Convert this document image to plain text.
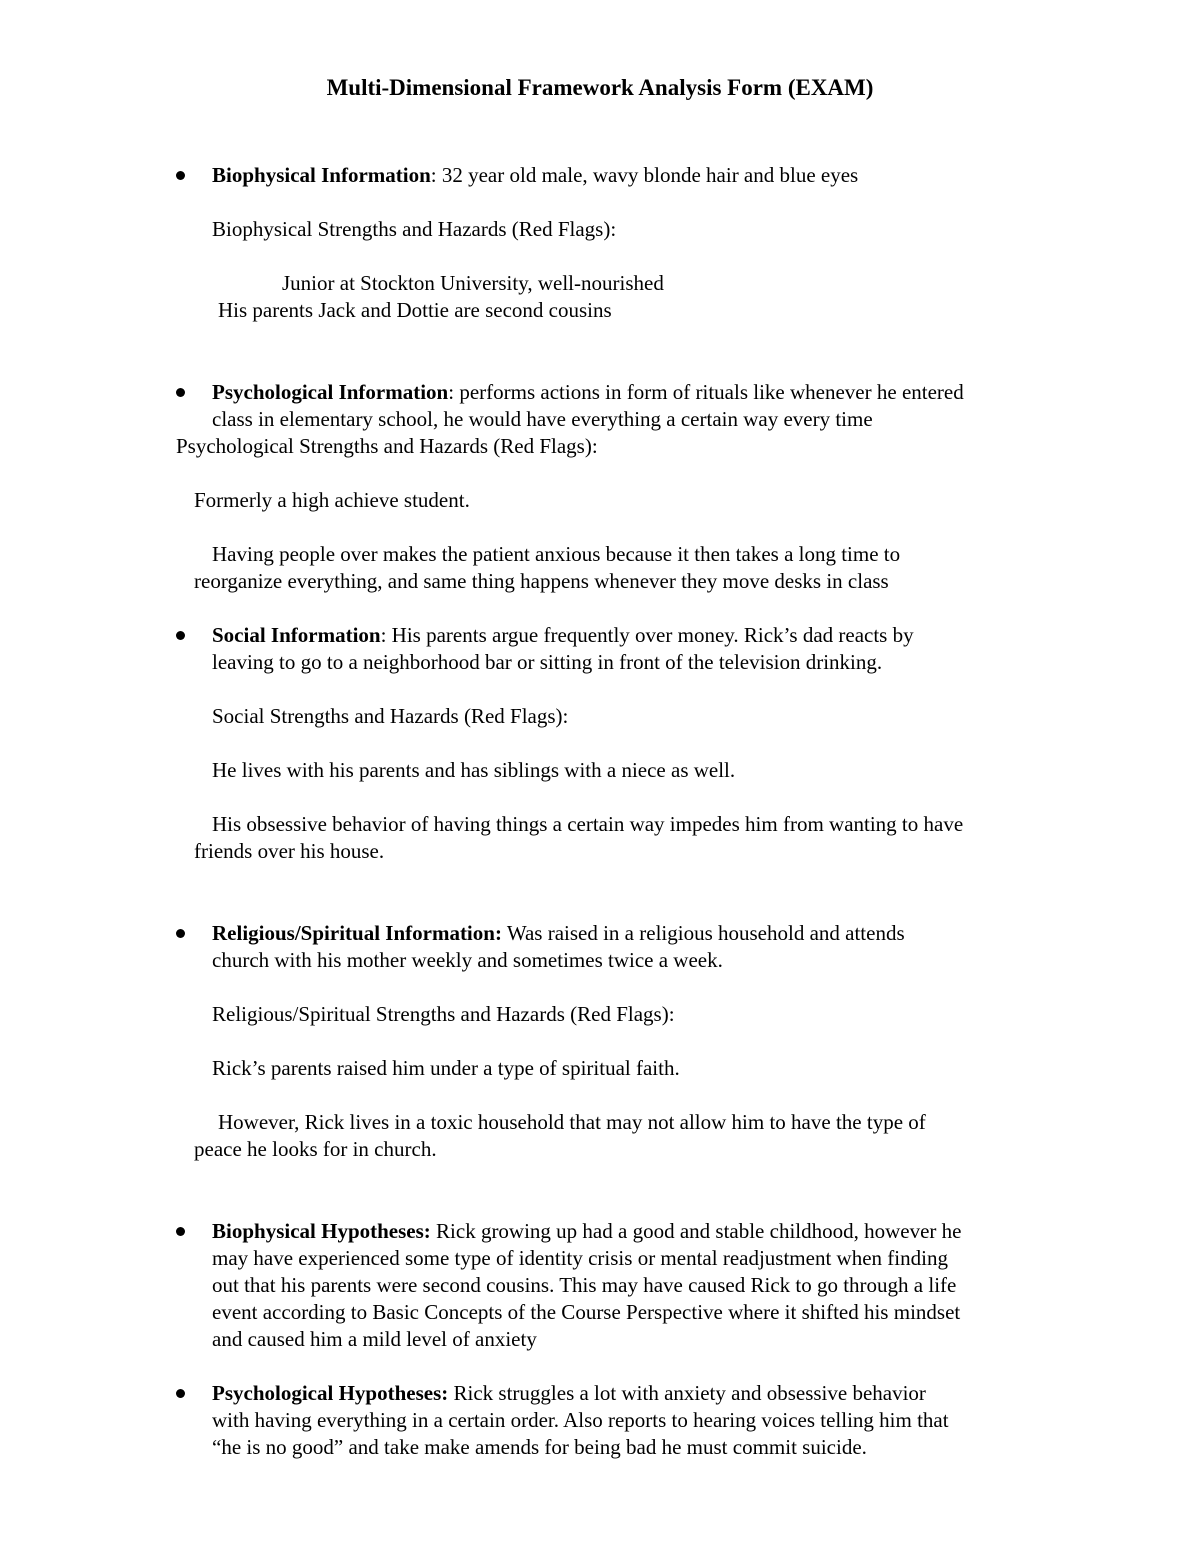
Multi-Dimensional Framework Analysis Form (EXAM)
Biophysical Information: 32 year old male, wavy blonde hair and blue eyes
Biophysical Strengths and Hazards (Red Flags):
Junior at Stockton University, well-nourished
His parents Jack and Dottie are second cousins
Psychological Information: performs actions in form of rituals like whenever he entered
class in elementary school, he would have everything a certain way every time
Psychological Strengths and Hazards (Red Flags):
Formerly a high achieve student.
Having people over makes the patient anxious because it then takes a long time to
reorganize everything, and same thing happens whenever they move desks in class
Social Information: His parents argue frequently over money. Rick’s dad reacts by
leaving to go to a neighborhood bar or sitting in front of the television drinking.
Social Strengths and Hazards (Red Flags):
He lives with his parents and has siblings with a niece as well.
His obsessive behavior of having things a certain way impedes him from wanting to have
friends over his house.
Religious/Spiritual Information: Was raised in a religious household and attends
church with his mother weekly and sometimes twice a week.
Religious/Spiritual Strengths and Hazards (Red Flags):
Rick’s parents raised him under a type of spiritual faith.
However, Rick lives in a toxic household that may not allow him to have the type of
peace he looks for in church.
Biophysical Hypotheses: Rick growing up had a good and stable childhood, however he
may have experienced some type of identity crisis or mental readjustment when finding
out that his parents were second cousins. This may have caused Rick to go through a life
event according to Basic Concepts of the Course Perspective where it shifted his mindset
and caused him a mild level of anxiety
Psychological Hypotheses: Rick struggles a lot with anxiety and obsessive behavior
with having everything in a certain order. Also reports to hearing voices telling him that
“he is no good” and take make amends for being bad he must commit suicide.
